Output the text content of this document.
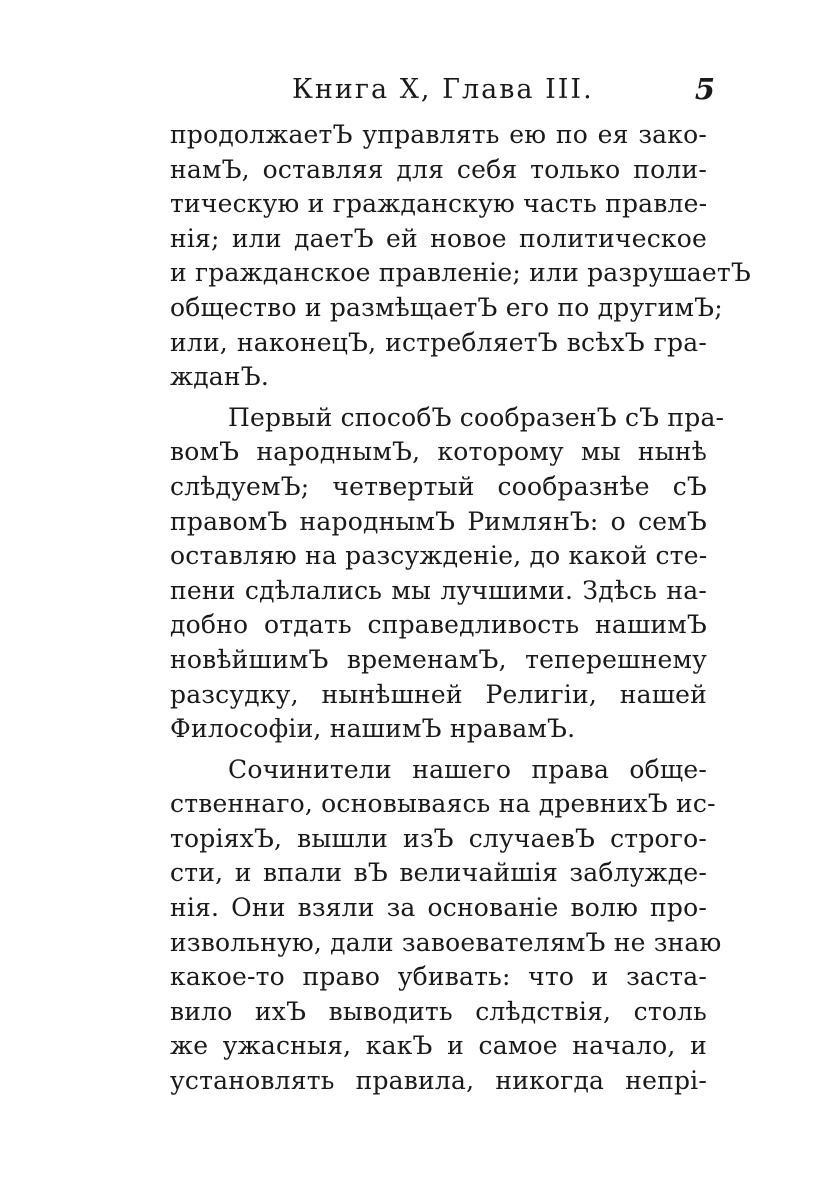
Книга X, Глава III.	5
продолжаетЪ управлять ею по ея зако-
намЪ, оставляя для себя только поли-
тическую и гражданскую часть правле-
нія; или даетЪ ей новое политическое
и гражданское правленіе; или разрушаетЪ
общество и размѣщаетЪ его по другимЪ;
или, наконецЪ, истребляетЪ всѣхЪ гра-
жданЪ.
Первый способЪ сообразенЪ сЪ пра-
вомЪ народнымЪ, которому мы нынѣ
слѣдуемЪ; четвертый сообразнѣе сЪ
правомЪ народнымЪ РимлянЪ: о семЪ
оставляю на разсужденіе, до какой сте-
пени сдѣлались мы лучшими. Здѣсь на-
добно отдать справедливость нашимЪ
новѣйшимЪ временамЪ, теперешнему
разсудку, нынѣшней Религіи, нашей
Философіи, нашимЪ нравамЪ.
Сочинители нашего права обще-
ственнаго, основываясь на древнихЪ ис-
торіяхЪ, вышли изЪ случаевЪ строго-
сти, и впали вЪ величайшія заблужде-
нія. Они взяли за основаніе волю про-
извольную, дали завоевателямЪ не знаю
какое-то право убивать: что и заста-
вило ихЪ выводить слѣдствія, столь
же ужасныя, какЪ и самое начало, и
установлять правила, никогда непрі-
